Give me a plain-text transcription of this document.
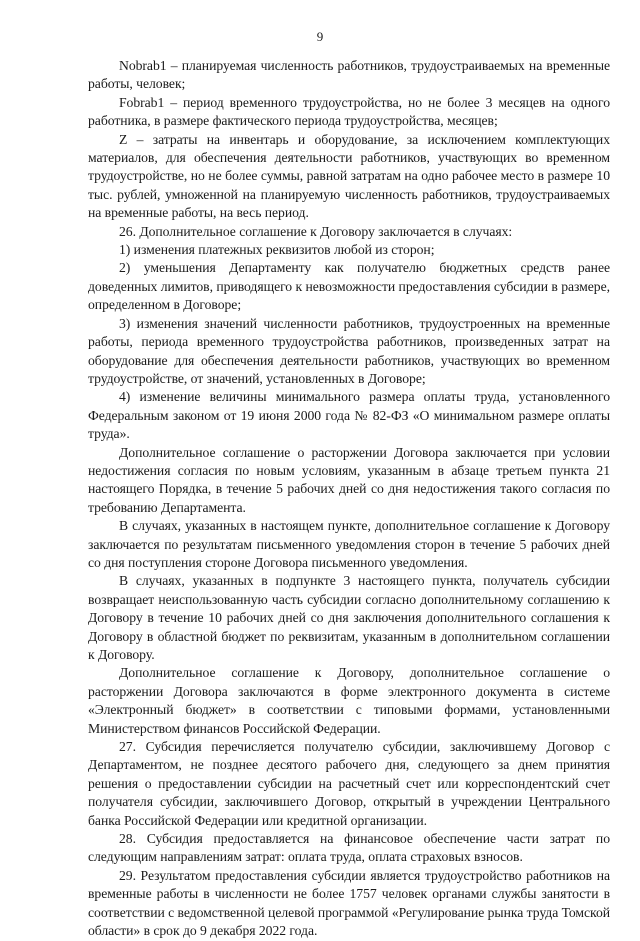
9

Nobrab1 – планируемая численность работников, трудоустраиваемых на временные работы, человек;

Fobrab1 – период временного трудоустройства, но не более 3 месяцев на одного работника, в размере фактического периода трудоустройства, месяцев;

Z – затраты на инвентарь и оборудование, за исключением комплектующих материалов, для обеспечения деятельности работников, участвующих во временном трудоустройстве, но не более суммы, равной затратам на одно рабочее место в размере 10 тыс. рублей, умноженной на планируемую численность работников, трудоустраиваемых на временные работы, на весь период.

26. Дополнительное соглашение к Договору заключается в случаях:

1) изменения платежных реквизитов любой из сторон;

2) уменьшения Департаменту как получателю бюджетных средств ранее доведенных лимитов, приводящего к невозможности предоставления субсидии в размере, определенном в Договоре;

3) изменения значений численности работников, трудоустроенных на временные работы, периода временного трудоустройства работников, произведенных затрат на оборудование для обеспечения деятельности работников, участвующих во временном трудоустройстве, от значений, установленных в Договоре;

4) изменение величины минимального размера оплаты труда, установленного Федеральным законом от 19 июня 2000 года № 82-ФЗ «О минимальном размере оплаты труда».

Дополнительное соглашение о расторжении Договора заключается при условии недостижения согласия по новым условиям, указанным в абзаце третьем пункта 21 настоящего Порядка, в течение 5 рабочих дней со дня недостижения такого согласия по требованию Департамента.

В случаях, указанных в настоящем пункте, дополнительное соглашение к Договору заключается по результатам письменного уведомления сторон в течение 5 рабочих дней со дня поступления стороне Договора письменного уведомления.

В случаях, указанных в подпункте 3 настоящего пункта, получатель субсидии возвращает неиспользованную часть субсидии согласно дополнительному соглашению к Договору в течение 10 рабочих дней со дня заключения дополнительного соглашения к Договору в областной бюджет по реквизитам, указанным в дополнительном соглашении к Договору.

Дополнительное соглашение к Договору, дополнительное соглашение о расторжении Договора заключаются в форме электронного документа в системе «Электронный бюджет» в соответствии с типовыми формами, установленными Министерством финансов Российской Федерации.

27. Субсидия перечисляется получателю субсидии, заключившему Договор с Департаментом, не позднее десятого рабочего дня, следующего за днем принятия решения о предоставлении субсидии на расчетный счет или корреспондентский счет получателя субсидии, заключившего Договор, открытый в учреждении Центрального банка Российской Федерации или кредитной организации.

28. Субсидия предоставляется на финансовое обеспечение части затрат по следующим направлениям затрат: оплата труда, оплата страховых взносов.

29. Результатом предоставления субсидии является трудоустройство работников на временные работы в численности не более 1757 человек органами службы занятости в соответствии с ведомственной целевой программой «Регулирование рынка труда Томской области» в срок до 9 декабря 2022 года.
